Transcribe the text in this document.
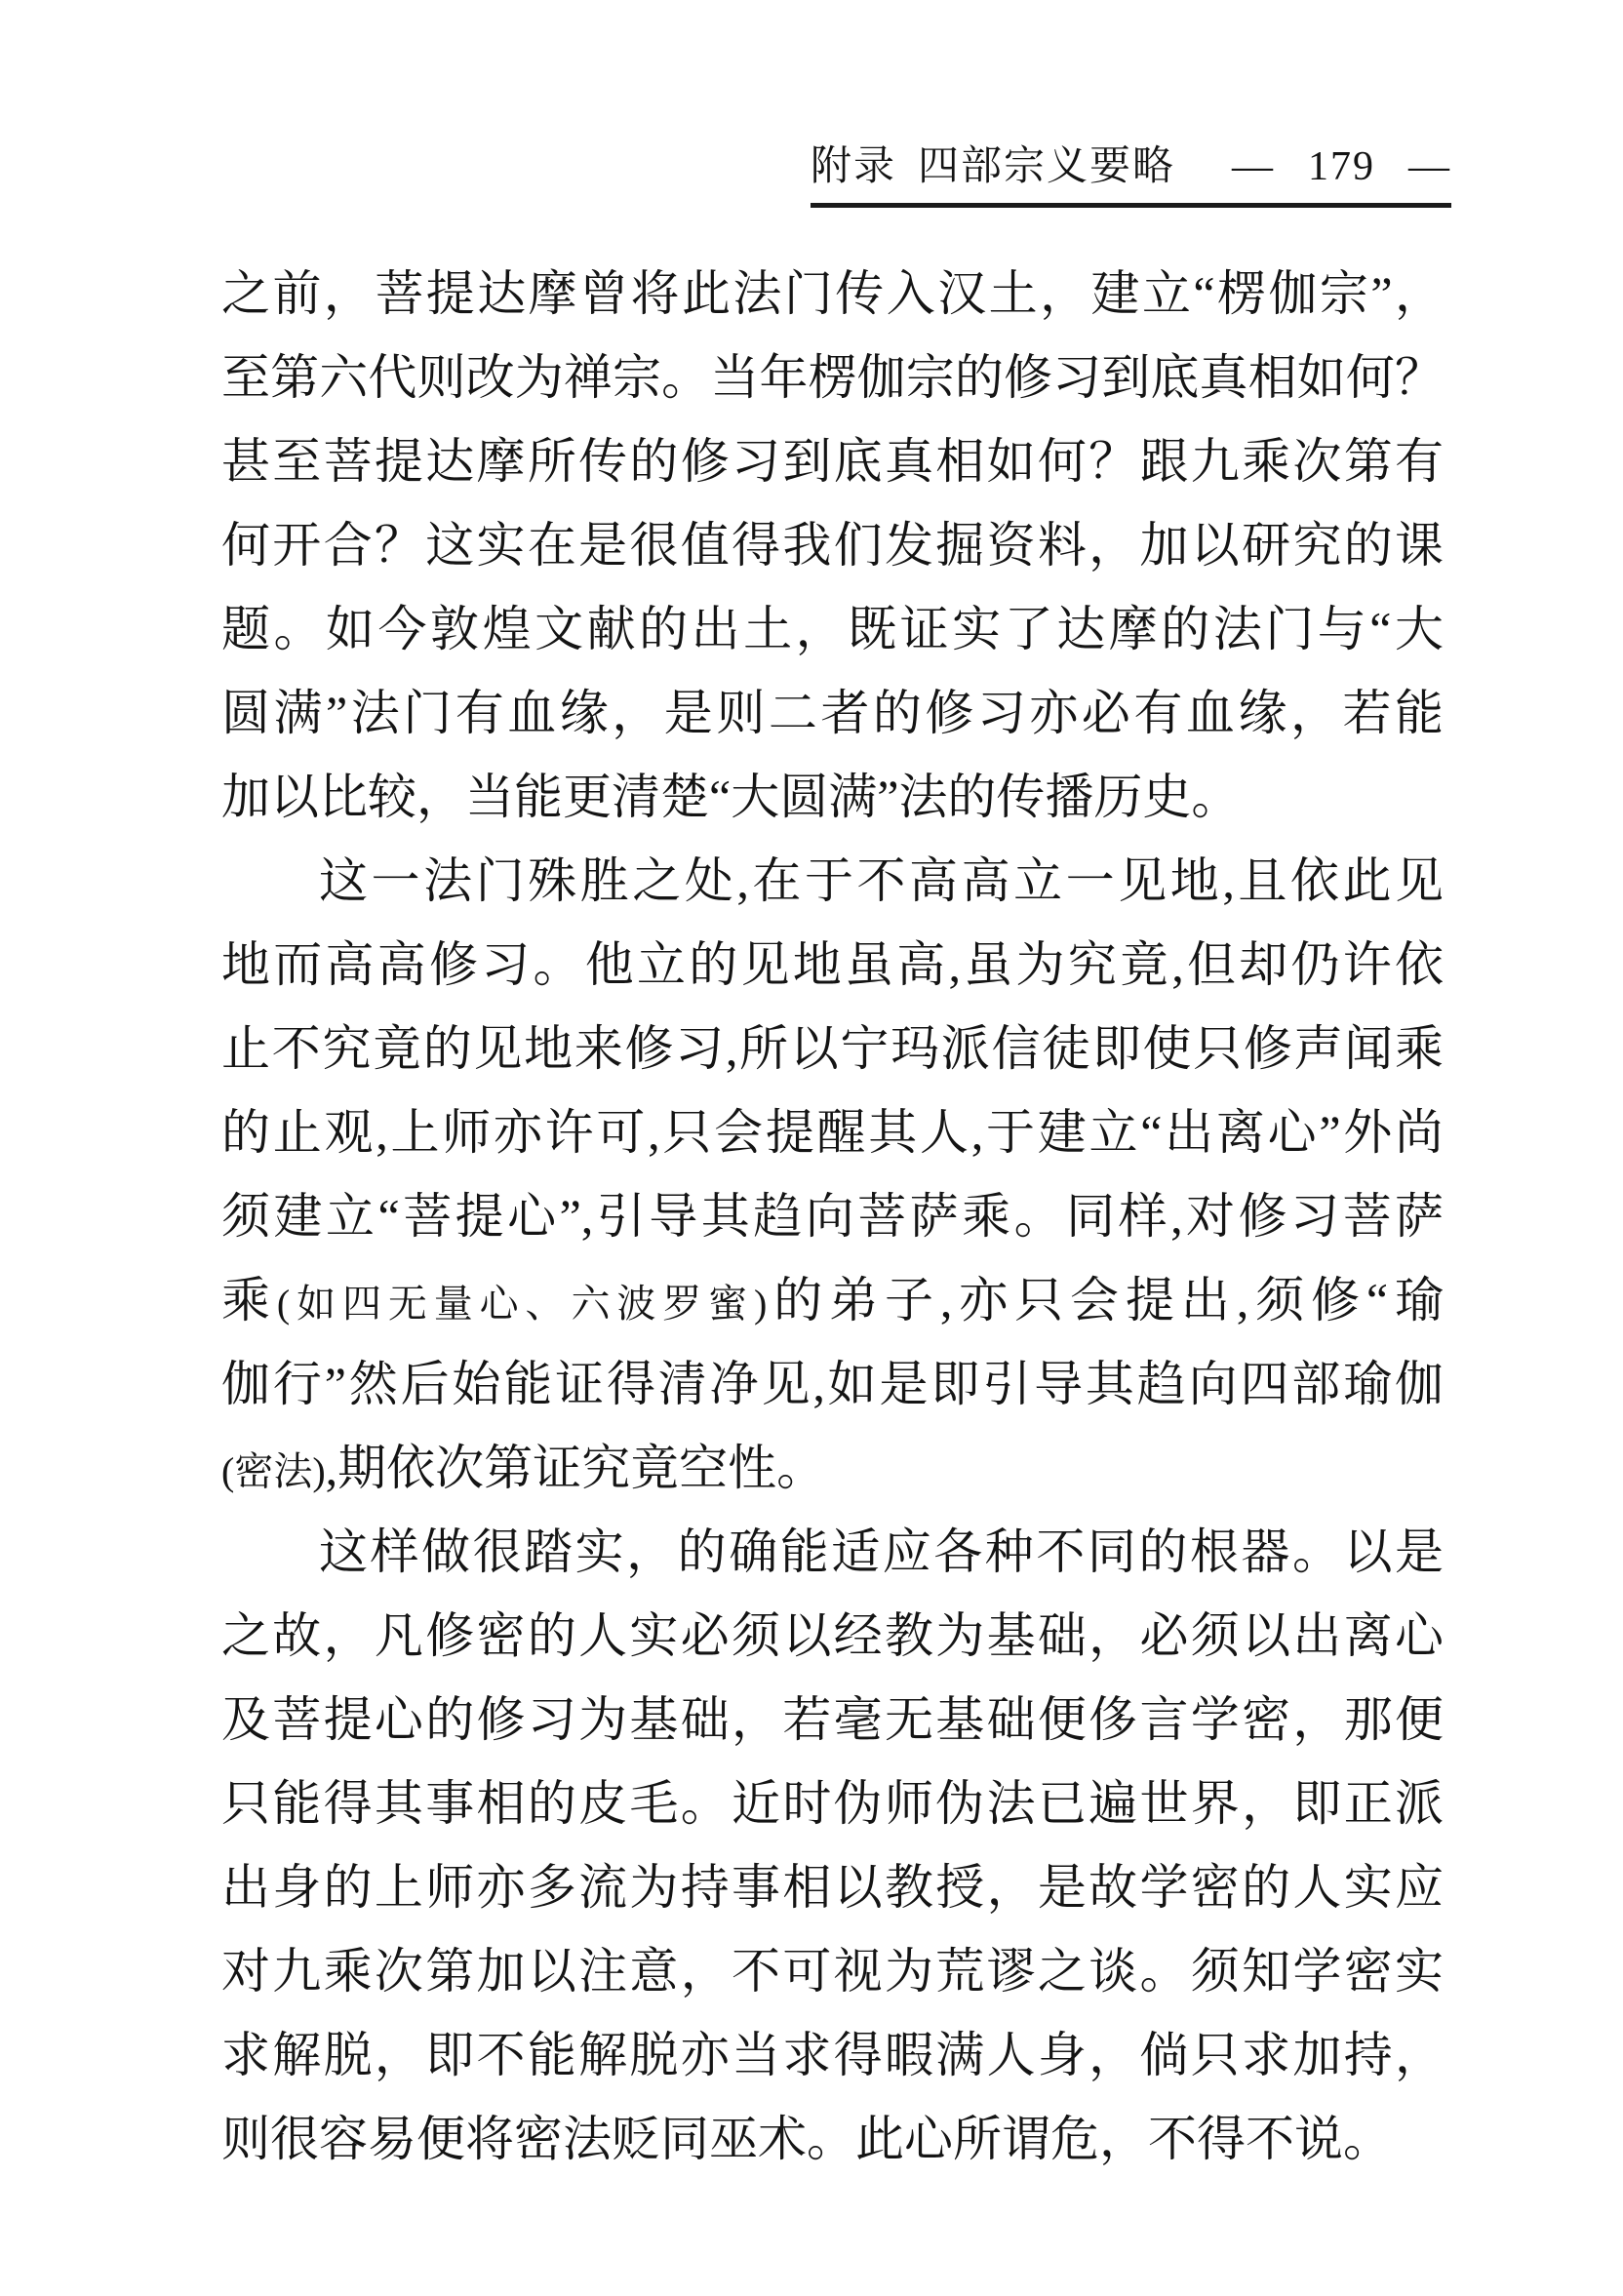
附录 四部宗义要略 — 179 —
之前，菩提达摩曾将此法门传入汉土，建立“楞伽宗”，
至第六代则改为禅宗。当年楞伽宗的修习到底真相如何？
甚至菩提达摩所传的修习到底真相如何？跟九乘次第有
何开合？这实在是很值得我们发掘资料，加以研究的课
题。如今敦煌文献的出土，既证实了达摩的法门与“大
圆满”法门有血缘，是则二者的修习亦必有血缘，若能
加以比较，当能更清楚“大圆满”法的传播历史。
这一法门殊胜之处,在于不高高立一见地,且依此见
地而高高修习。他立的见地虽高,虽为究竟,但却仍许依
止不究竟的见地来修习,所以宁玛派信徒即使只修声闻乘
的止观,上师亦许可,只会提醒其人,于建立“出离心”外尚
须建立“菩提心”,引导其趋向菩萨乘。同样,对修习菩萨
乘(如四无量心、六波罗蜜)的弟子,亦只会提出,须修“瑜
伽行”然后始能证得清净见,如是即引导其趋向四部瑜伽
(密法),期依次第证究竟空性。
这样做很踏实，的确能适应各种不同的根器。以是
之故，凡修密的人实必须以经教为基础，必须以出离心
及菩提心的修习为基础，若毫无基础便侈言学密，那便
只能得其事相的皮毛。近时伪师伪法已遍世界，即正派
出身的上师亦多流为持事相以教授，是故学密的人实应
对九乘次第加以注意，不可视为荒谬之谈。须知学密实
求解脱，即不能解脱亦当求得暇满人身，倘只求加持，
则很容易便将密法贬同巫术。此心所谓危，不得不说。
